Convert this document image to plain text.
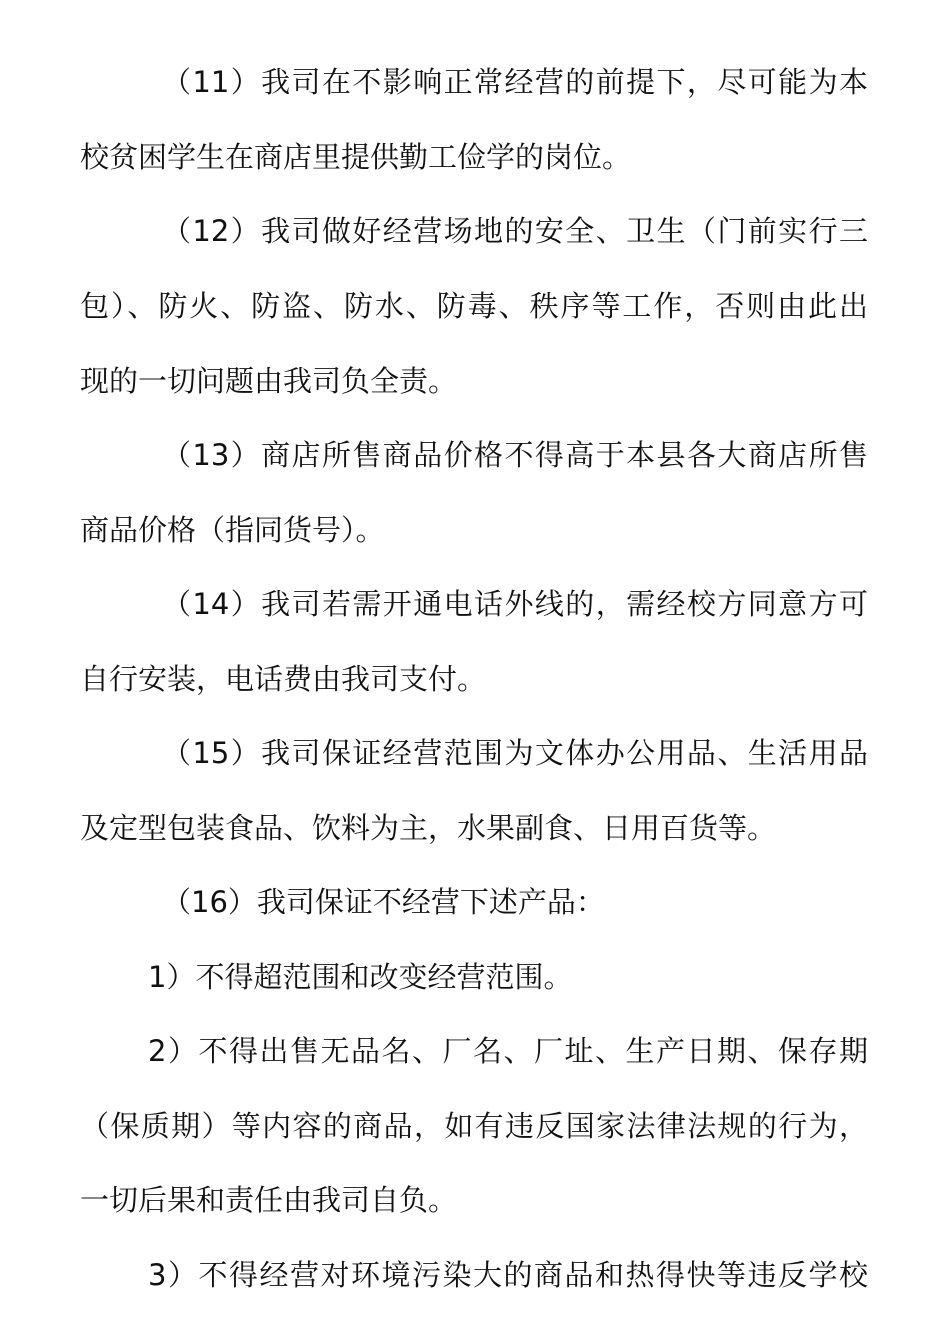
（11）我司在不影响正常经营的前提下，尽可能为本
校贫困学生在商店里提供勤工俭学的岗位。
（12）我司做好经营场地的安全、卫生（门前实行三
包）、防火、防盗、防水、防毒、秩序等工作，否则由此出
现的一切问题由我司负全责。
（13）商店所售商品价格不得高于本县各大商店所售
商品价格（指同货号）。
（14）我司若需开通电话外线的，需经校方同意方可
自行安装，电话费由我司支付。
（15）我司保证经营范围为文体办公用品、生活用品
及定型包装食品、饮料为主，水果副食、日用百货等。
（16）我司保证不经营下述产品：
1）不得超范围和改变经营范围。
2）不得出售无品名、厂名、厂址、生产日期、保存期
（保质期）等内容的商品，如有违反国家法律法规的行为，
一切后果和责任由我司自负。
3）不得经营对环境污染大的商品和热得快等违反学校
